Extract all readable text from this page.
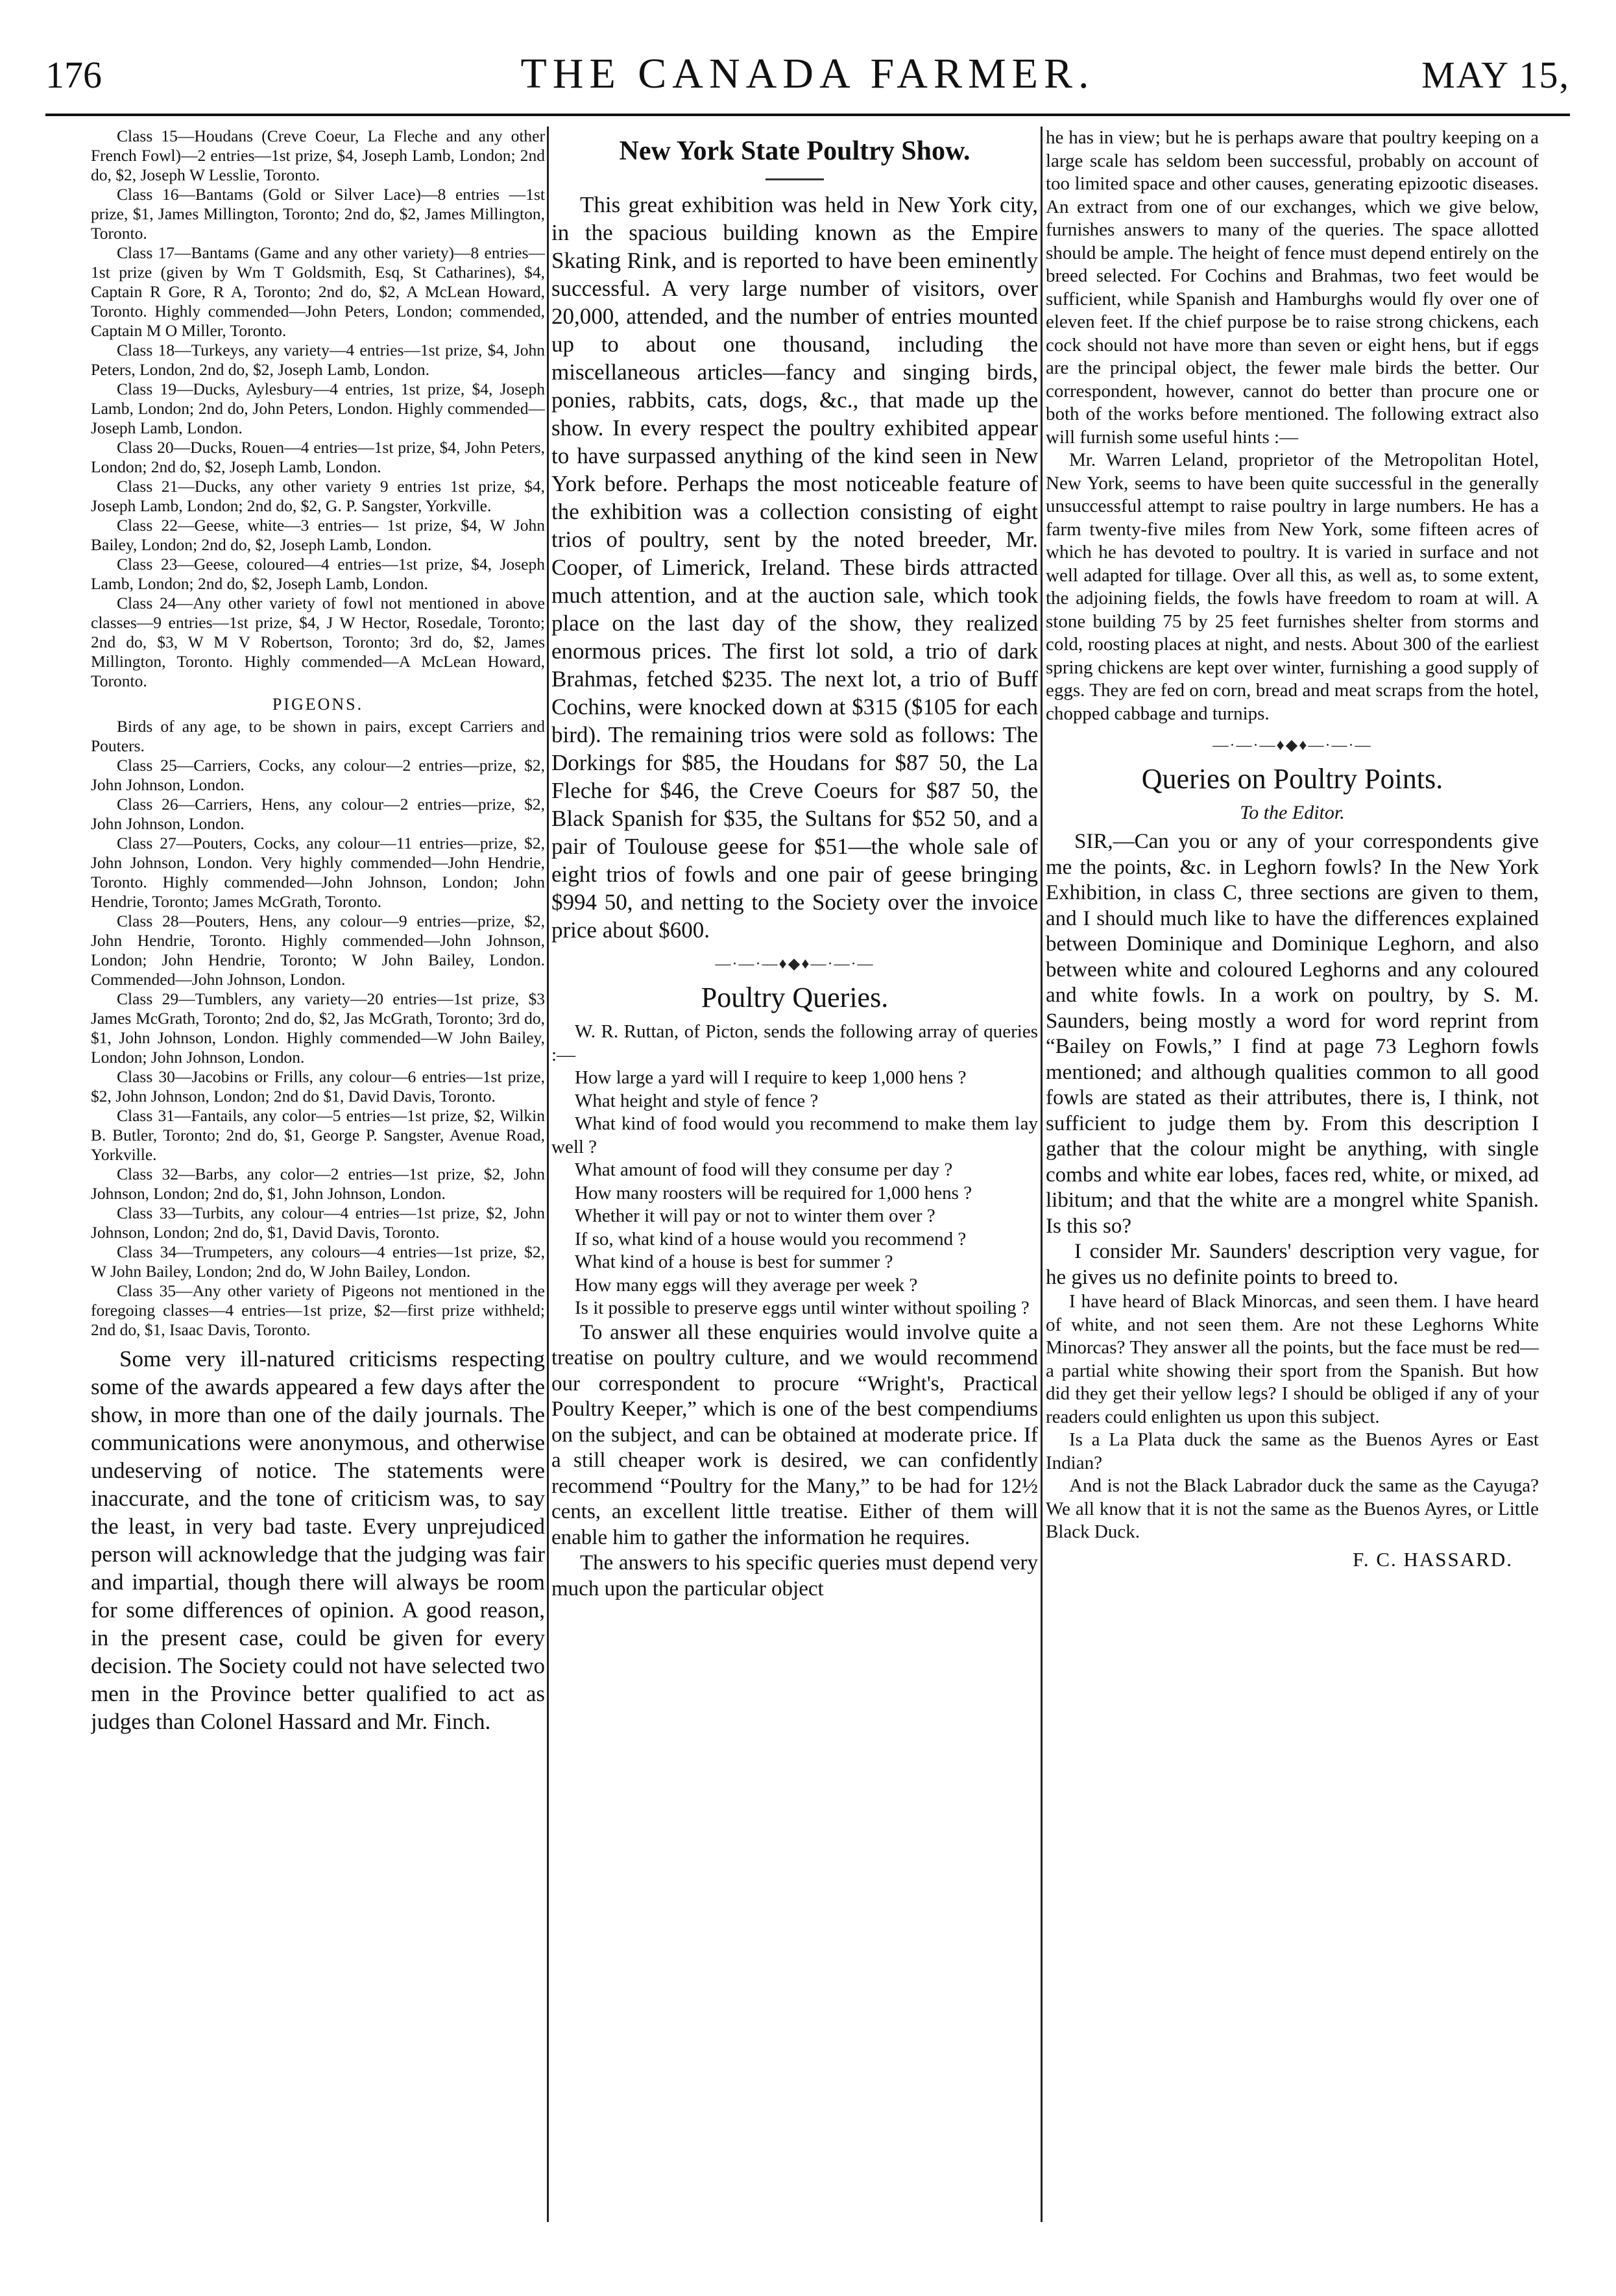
176	THE CANADA FARMER.	MAY 15,

Class 15—Houdans (Creve Coeur, La Fleche and any other French Fowl)—2 entries—1st prize, $4, Joseph Lamb, London; 2nd do, $2, Joseph W Lesslie, Toronto.

Class 16—Bantams (Gold or Silver Lace)—8 entries —1st prize, $1, James Millington, Toronto; 2nd do, $2, James Millington, Toronto.

Class 17—Bantams (Game and any other variety)—8 entries—1st prize (given by Wm T Goldsmith, Esq, St Catharines), $4, Captain R Gore, R A, Toronto; 2nd do, $2, A McLean Howard, Toronto. Highly commended—John Peters, London; commended, Captain M O Miller, Toronto.

Class 18—Turkeys, any variety—4 entries—1st prize, $4, John Peters, London, 2nd do, $2, Joseph Lamb, London.

Class 19—Ducks, Aylesbury—4 entries, 1st prize, $4, Joseph Lamb, London; 2nd do, John Peters, London. Highly commended—Joseph Lamb, London.

Class 20—Ducks, Rouen—4 entries—1st prize, $4, John Peters, London; 2nd do, $2, Joseph Lamb, London.

Class 21—Ducks, any other variety 9 entries 1st prize, $4, Joseph Lamb, London; 2nd do, $2, G. P. Sangster, Yorkville.

Class 22—Geese, white—3 entries— 1st prize, $4, W John Bailey, London; 2nd do, $2, Joseph Lamb, London.

Class 23—Geese, coloured—4 entries—1st prize, $4, Joseph Lamb, London; 2nd do, $2, Joseph Lamb, London.

Class 24—Any other variety of fowl not mentioned in above classes—9 entries—1st prize, $4, J W Hector, Rosedale, Toronto; 2nd do, $3, W M V Robertson, Toronto; 3rd do, $2, James Millington, Toronto. Highly commended—A McLean Howard, Toronto.

PIGEONS.

Birds of any age, to be shown in pairs, except Carriers and Pouters.

Class 25—Carriers, Cocks, any colour—2 entries—prize, $2, John Johnson, London.

Class 26—Carriers, Hens, any colour—2 entries—prize, $2, John Johnson, London.

Class 27—Pouters, Cocks, any colour—11 entries—prize, $2, John Johnson, London. Very highly commended—John Hendrie, Toronto. Highly commended—John Johnson, London; John Hendrie, Toronto; James McGrath, Toronto.

Class 28—Pouters, Hens, any colour—9 entries—prize, $2, John Hendrie, Toronto. Highly commended—John Johnson, London; John Hendrie, Toronto; W John Bailey, London. Commended—John Johnson, London.

Class 29—Tumblers, any variety—20 entries—1st prize, $3 James McGrath, Toronto; 2nd do, $2, Jas McGrath, Toronto; 3rd do, $1, John Johnson, London. Highly commended—W John Bailey, London; John Johnson, London.

Class 30—Jacobins or Frills, any colour—6 entries—1st prize, $2, John Johnson, London; 2nd do $1, David Davis, Toronto.

Class 31—Fantails, any color—5 entries—1st prize, $2, Wilkin B. Butler, Toronto; 2nd do, $1, George P. Sangster, Avenue Road, Yorkville.

Class 32—Barbs, any color—2 entries—1st prize, $2, John Johnson, London; 2nd do, $1, John Johnson, London.

Class 33—Turbits, any colour—4 entries—1st prize, $2, John Johnson, London; 2nd do, $1, David Davis, Toronto.

Class 34—Trumpeters, any colours—4 entries—1st prize, $2, W John Bailey, London; 2nd do, W John Bailey, London.

Class 35—Any other variety of Pigeons not mentioned in the foregoing classes—4 entries—1st prize, $2—first prize withheld; 2nd do, $1, Isaac Davis, Toronto.

Some very ill-natured criticisms respecting some of the awards appeared a few days after the show, in more than one of the daily journals. The communications were anonymous, and otherwise undeserving of notice. The statements were inaccurate, and the tone of criticism was, to say the least, in very bad taste. Every unprejudiced person will acknowledge that the judging was fair and impartial, though there will always be room for some differences of opinion. A good reason, in the present case, could be given for every decision. The Society could not have selected two men in the Province better qualified to act as judges than Colonel Hassard and Mr. Finch.

New York State Poultry Show.

This great exhibition was held in New York city, in the spacious building known as the Empire Skating Rink, and is reported to have been eminently successful. A very large number of visitors, over 20,000, attended, and the number of entries mounted up to about one thousand, including the miscellaneous articles—fancy and singing birds, ponies, rabbits, cats, dogs, &c., that made up the show. In every respect the poultry exhibited appear to have surpassed anything of the kind seen in New York before. Perhaps the most noticeable feature of the exhibition was a collection consisting of eight trios of poultry, sent by the noted breeder, Mr. Cooper, of Limerick, Ireland. These birds attracted much attention, and at the auction sale, which took place on the last day of the show, they realized enormous prices. The first lot sold, a trio of dark Brahmas, fetched $235. The next lot, a trio of Buff Cochins, were knocked down at $315 ($105 for each bird). The remaining trios were sold as follows: The Dorkings for $85, the Houdans for $87 50, the La Fleche for $46, the Creve Coeurs for $87 50, the Black Spanish for $35, the Sultans for $52 50, and a pair of Toulouse geese for $51—the whole sale of eight trios of fowls and one pair of geese bringing $994 50, and netting to the Society over the invoice price about $600.

—·—·—♦◆♦—·—·—
Poultry Queries.

W. R. Ruttan, of Picton, sends the following array of queries :—

How large a yard will I require to keep 1,000 hens ?

What height and style of fence ?

What kind of food would you recommend to make them lay well ?

What amount of food will they consume per day ?

How many roosters will be required for 1,000 hens ?

Whether it will pay or not to winter them over ?

If so, what kind of a house would you recommend ?

What kind of a house is best for summer ?

How many eggs will they average per week ?

Is it possible to preserve eggs until winter without spoiling ?

To answer all these enquiries would involve quite a treatise on poultry culture, and we would recommend our correspondent to procure “Wright's, Practical Poultry Keeper,” which is one of the best compendiums on the subject, and can be obtained at moderate price. If a still cheaper work is desired, we can confidently recommend “Poultry for the Many,” to be had for 12½ cents, an excellent little treatise. Either of them will enable him to gather the information he requires.

The answers to his specific queries must depend very much upon the particular object

he has in view; but he is perhaps aware that poultry keeping on a large scale has seldom been successful, probably on account of too limited space and other causes, generating epizootic diseases. An extract from one of our exchanges, which we give below, furnishes answers to many of the queries. The space allotted should be ample. The height of fence must depend entirely on the breed selected. For Cochins and Brahmas, two feet would be sufficient, while Spanish and Hamburghs would fly over one of eleven feet. If the chief purpose be to raise strong chickens, each cock should not have more than seven or eight hens, but if eggs are the principal object, the fewer male birds the better. Our correspondent, however, cannot do better than procure one or both of the works before mentioned. The following extract also will furnish some useful hints :—

Mr. Warren Leland, proprietor of the Metropolitan Hotel, New York, seems to have been quite successful in the generally unsuccessful attempt to raise poultry in large numbers. He has a farm twenty-five miles from New York, some fifteen acres of which he has devoted to poultry. It is varied in surface and not well adapted for tillage. Over all this, as well as, to some extent, the adjoining fields, the fowls have freedom to roam at will. A stone building 75 by 25 feet furnishes shelter from storms and cold, roosting places at night, and nests. About 300 of the earliest spring chickens are kept over winter, furnishing a good supply of eggs. They are fed on corn, bread and meat scraps from the hotel, chopped cabbage and turnips.

—·—·—♦◆♦—·—·—
Queries on Poultry Points.
To the Editor.

SIR,—Can you or any of your correspondents give me the points, &c. in Leghorn fowls? In the New York Exhibition, in class C, three sections are given to them, and I should much like to have the differences explained between Dominique and Dominique Leghorn, and also between white and coloured Leghorns and any coloured and white fowls. In a work on poultry, by S. M. Saunders, being mostly a word for word reprint from “Bailey on Fowls,” I find at page 73 Leghorn fowls mentioned; and although qualities common to all good fowls are stated as their attributes, there is, I think, not sufficient to judge them by. From this description I gather that the colour might be anything, with single combs and white ear lobes, faces red, white, or mixed, ad libitum; and that the white are a mongrel white Spanish. Is this so?

I consider Mr. Saunders' description very vague, for he gives us no definite points to breed to.

I have heard of Black Minorcas, and seen them. I have heard of white, and not seen them. Are not these Leghorns White Minorcas? They answer all the points, but the face must be red—a partial white showing their sport from the Spanish. But how did they get their yellow legs? I should be obliged if any of your readers could enlighten us upon this subject.

Is a La Plata duck the same as the Buenos Ayres or East Indian?

And is not the Black Labrador duck the same as the Cayuga? We all know that it is not the same as the Buenos Ayres, or Little Black Duck.

F. C. HASSARD.
